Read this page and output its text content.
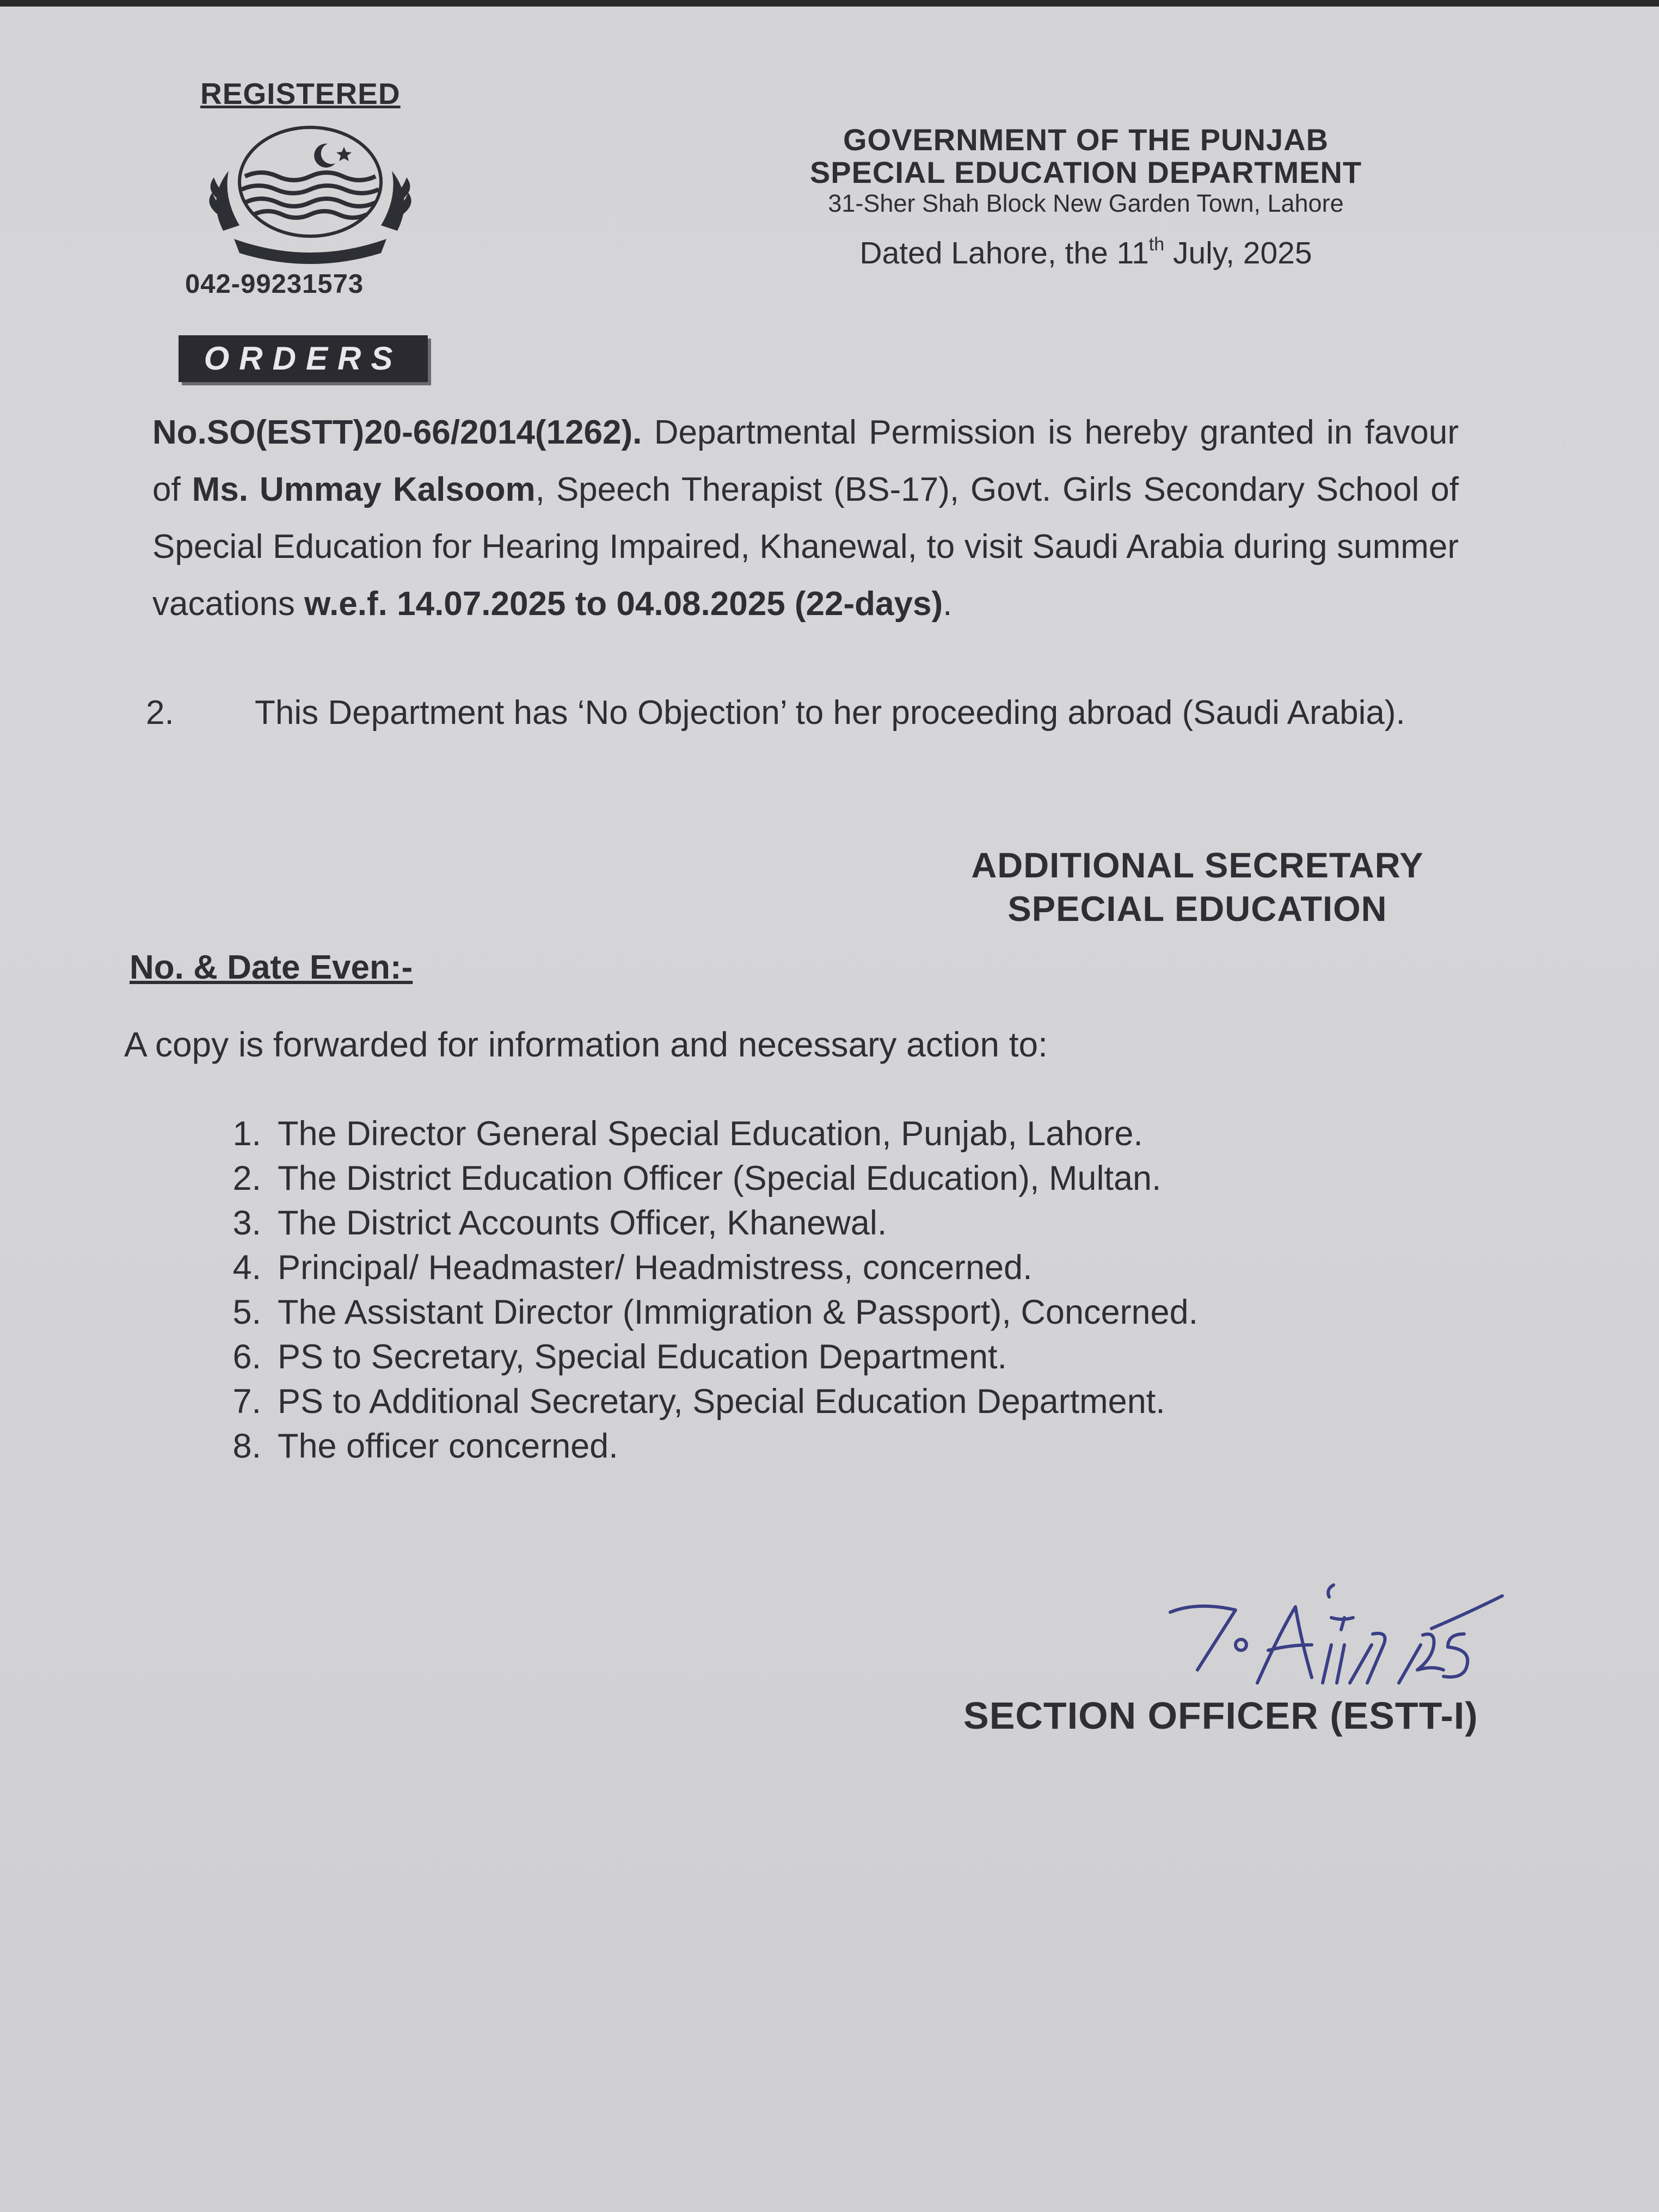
REGISTERED
042-99231573
ORDERS
GOVERNMENT OF THE PUNJAB
SPECIAL EDUCATION DEPARTMENT
31-Sher Shah Block New Garden Town, Lahore
Dated Lahore, the 11th July, 2025
No.SO(ESTT)20-66/2014(1262). Departmental Permission is hereby granted in favour of Ms. Ummay Kalsoom, Speech Therapist (BS-17), Govt. Girls Secondary School of Special Education for Hearing Impaired, Khanewal, to visit Saudi Arabia during summer vacations w.e.f. 14.07.2025 to 04.08.2025 (22-days).
2. This Department has ‘No Objection’ to her proceeding abroad (Saudi Arabia).
ADDITIONAL SECRETARY
SPECIAL EDUCATION
No. & Date Even:-
A copy is forwarded for information and necessary action to:
1. The Director General Special Education, Punjab, Lahore.
2. The District Education Officer (Special Education), Multan.
3. The District Accounts Officer, Khanewal.
4. Principal/ Headmaster/ Headmistress, concerned.
5. The Assistant Director (Immigration & Passport), Concerned.
6. PS to Secretary, Special Education Department.
7. PS to Additional Secretary, Special Education Department.
8. The officer concerned.
SECTION OFFICER (ESTT-I)
